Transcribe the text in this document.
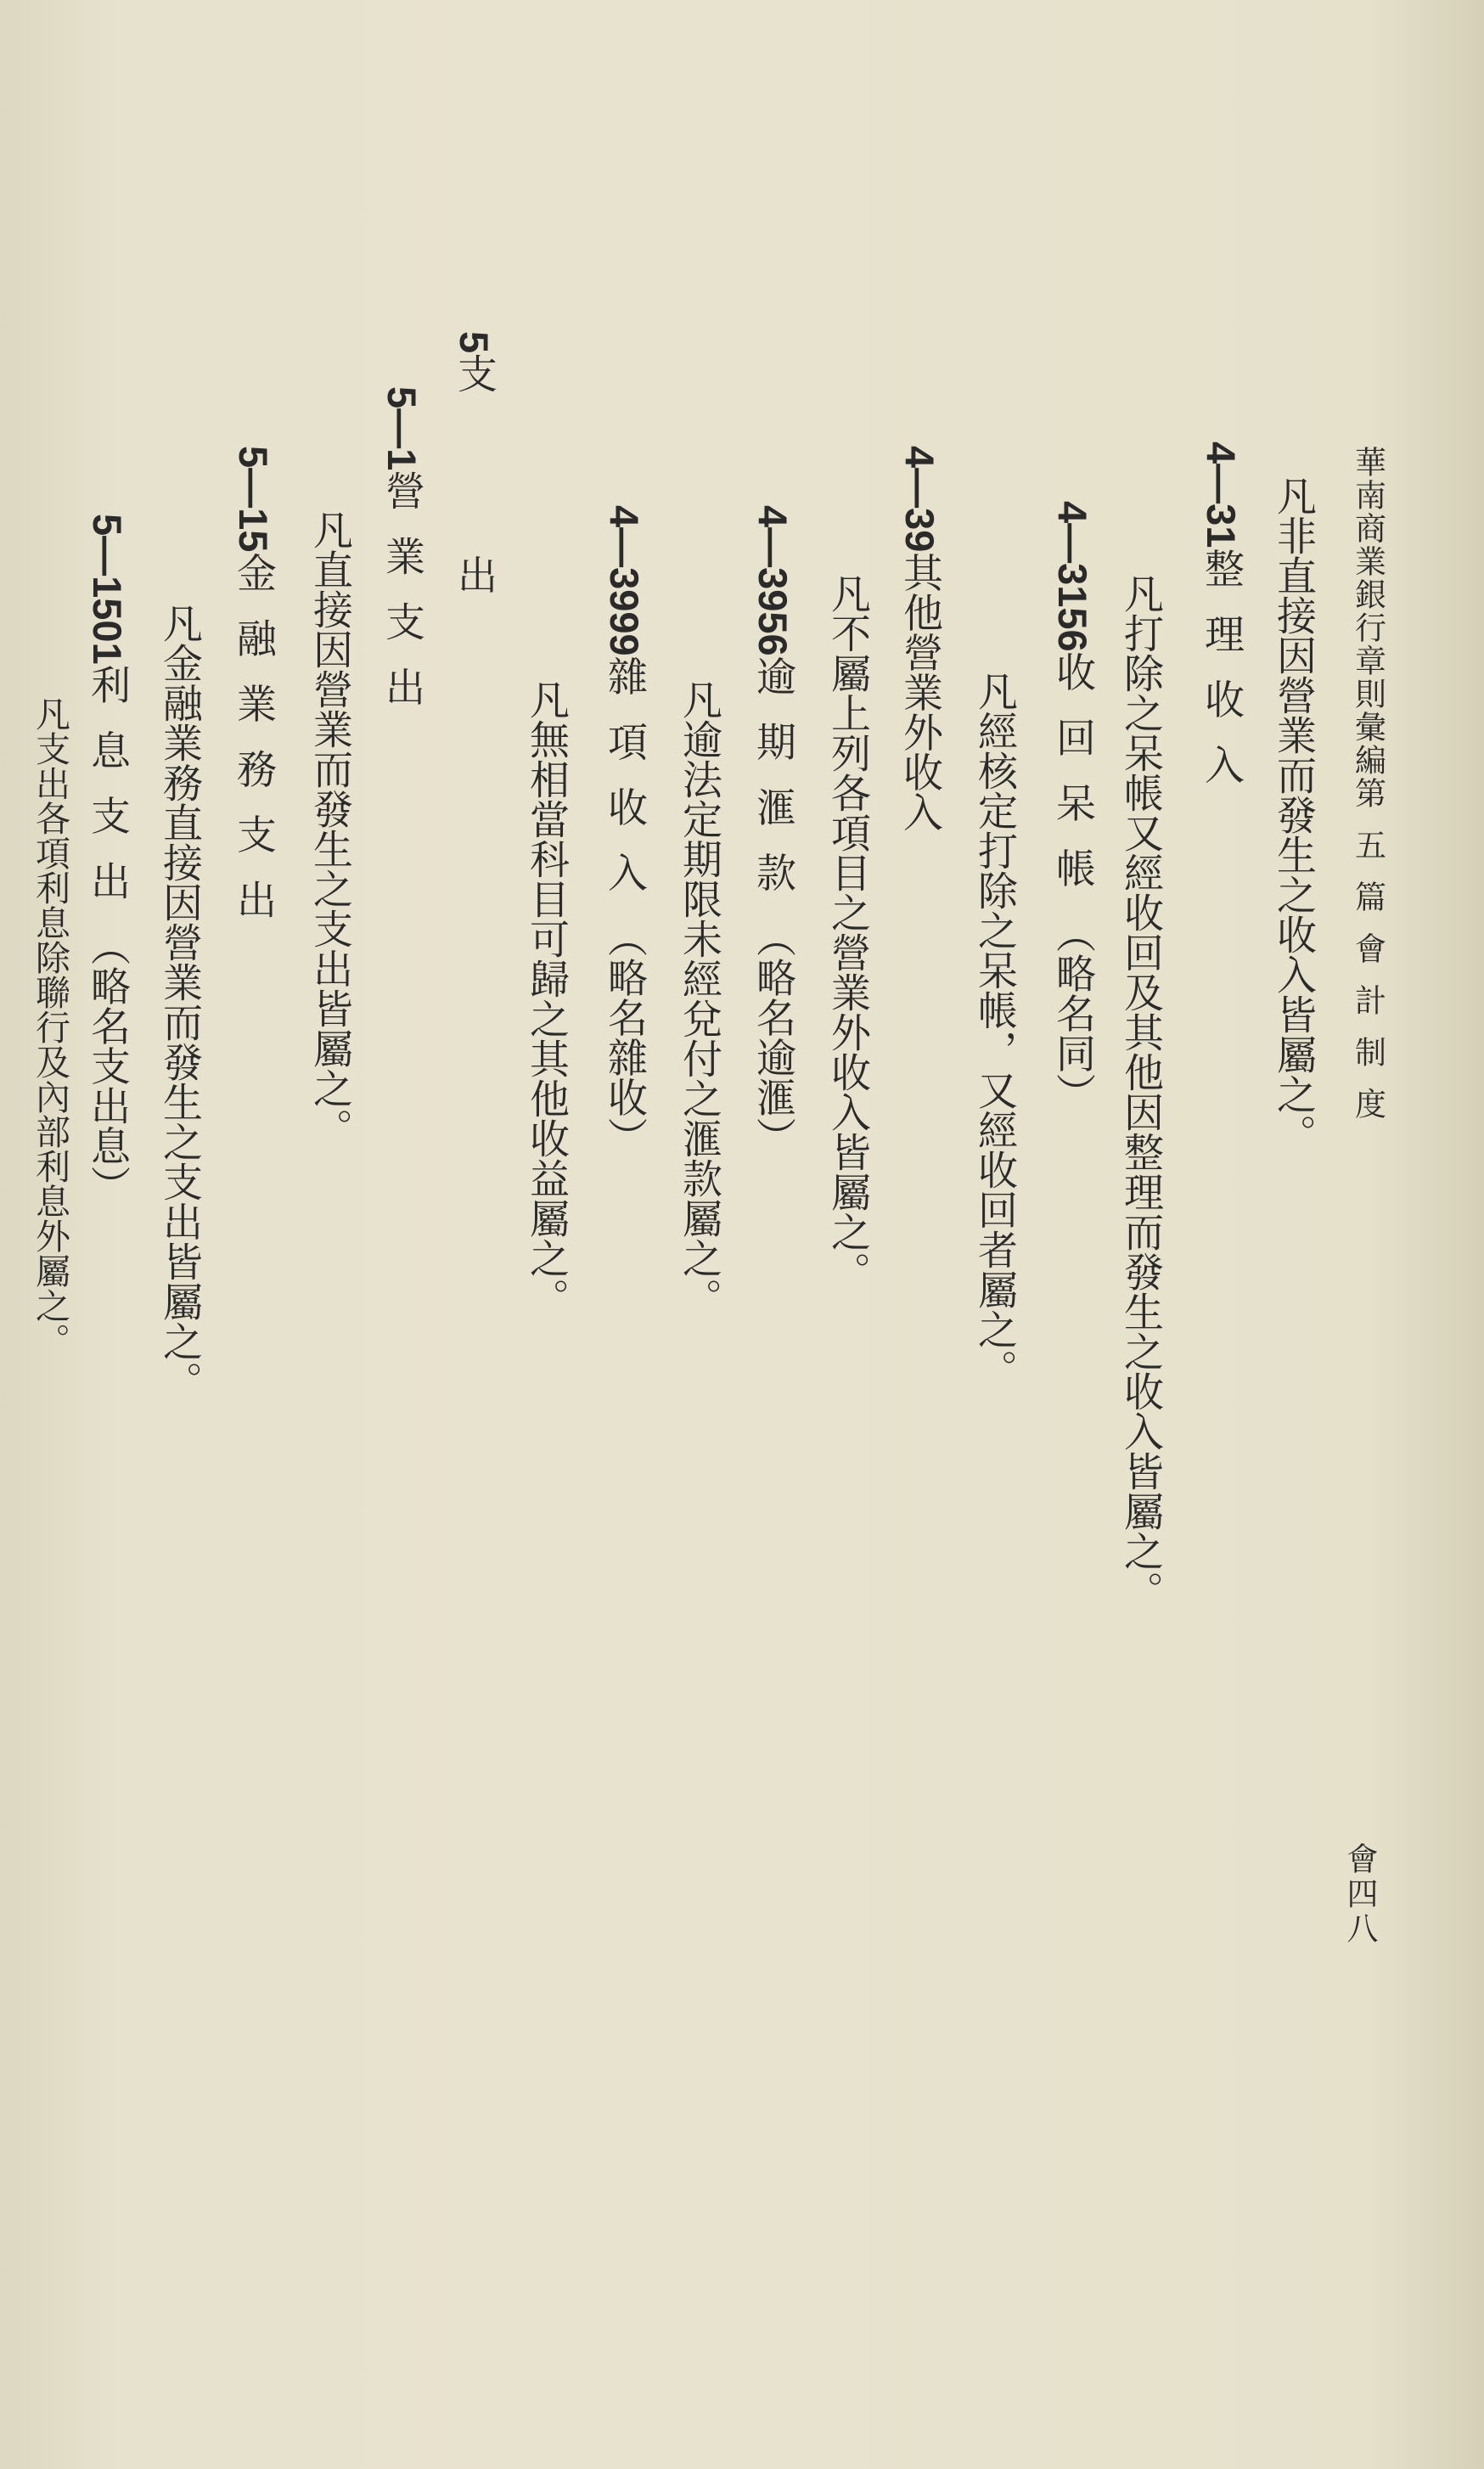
華南商業銀行章則彙編第五篇會計制度
會四八
凡非直接因營業而發生之收入皆屬之。
4—31整理收入
凡打除之呆帳又經收回及其他因整理而發生之收入皆屬之。
4—3156收回呆帳（略名同）
凡經核定打除之呆帳，又經收回者屬之。
4—39其他營業外收入
凡不屬上列各項目之營業外收入皆屬之。
4—3956逾期滙款（略名逾滙）
凡逾法定期限未經兌付之滙款屬之。
4—3999雜項收入（略名雜收）
凡無相當科目可歸之其他收益屬之。
5支出
5—1營業支出
凡直接因營業而發生之支出皆屬之。
5—15金融業務支出
凡金融業務直接因營業而發生之支出皆屬之。
5—1501利息支出（略名支出息）
凡支出各項利息除聯行及內部利息外屬之。
